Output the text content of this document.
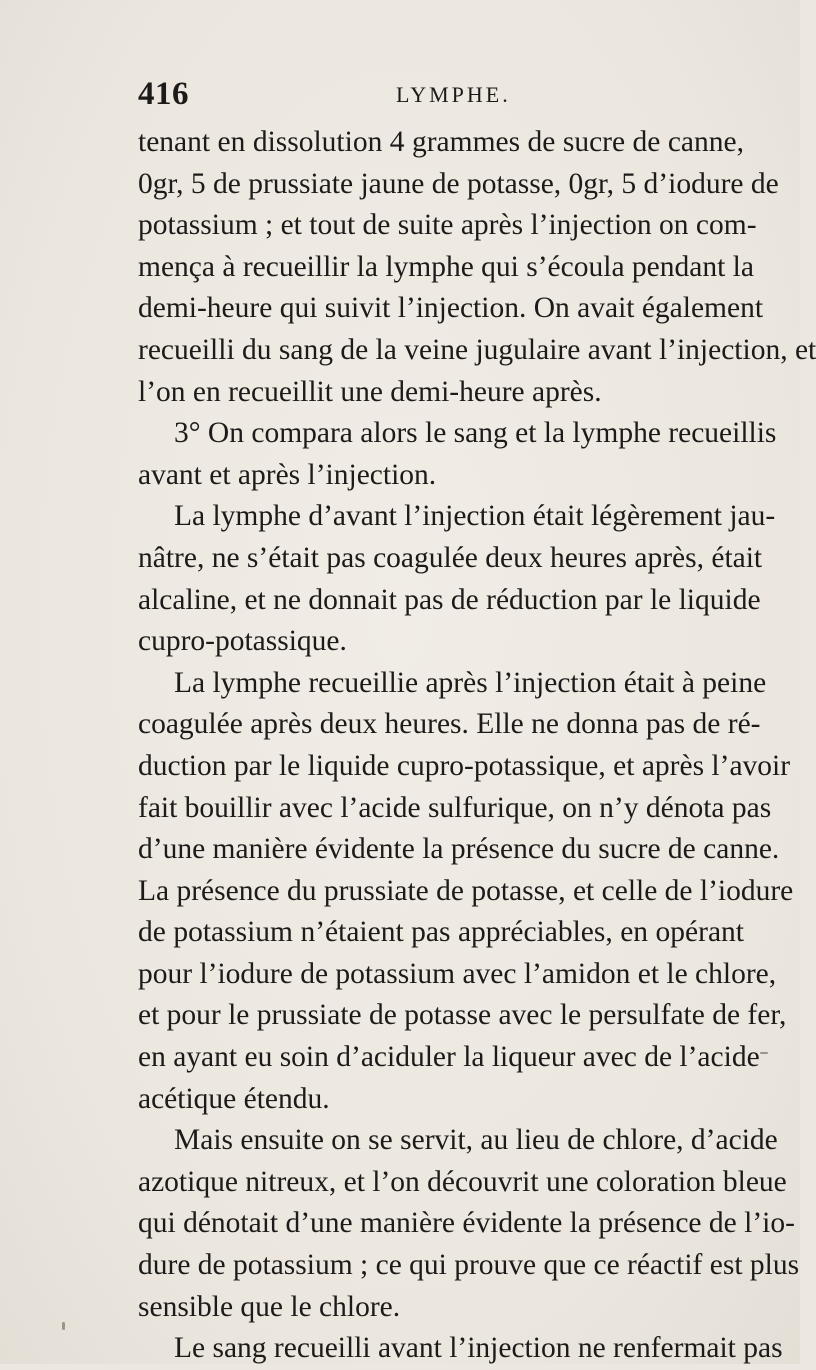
416	LYMPHE.
tenant en dissolution 4 grammes de sucre de canne,
0gr, 5 de prussiate jaune de potasse, 0gr, 5 d’iodure de
potassium ; et tout de suite après l’injection on com-
mença à recueillir la lymphe qui s’écoula pendant la
demi-heure qui suivit l’injection. On avait également
recueilli du sang de la veine jugulaire avant l’injection, et
l’on en recueillit une demi-heure après.
3° On compara alors le sang et la lymphe recueillis
avant et après l’injection.
La lymphe d’avant l’injection était légèrement jau-
nâtre, ne s’était pas coagulée deux heures après, était
alcaline, et ne donnait pas de réduction par le liquide
cupro-potassique.
La lymphe recueillie après l’injection était à peine
coagulée après deux heures. Elle ne donna pas de ré-
duction par le liquide cupro-potassique, et après l’avoir
fait bouillir avec l’acide sulfurique, on n’y dénota pas
d’une manière évidente la présence du sucre de canne.
La présence du prussiate de potasse, et celle de l’iodure
de potassium n’étaient pas appréciables, en opérant
pour l’iodure de potassium avec l’amidon et le chlore,
et pour le prussiate de potasse avec le persulfate de fer,
en ayant eu soin d’aciduler la liqueur avec de l’acide
acétique étendu.
Mais ensuite on se servit, au lieu de chlore, d’acide
azotique nitreux, et l’on découvrit une coloration bleue
qui dénotait d’une manière évidente la présence de l’io-
dure de potassium ; ce qui prouve que ce réactif est plus
sensible que le chlore.
Le sang recueilli avant l’injection ne renfermait pas
